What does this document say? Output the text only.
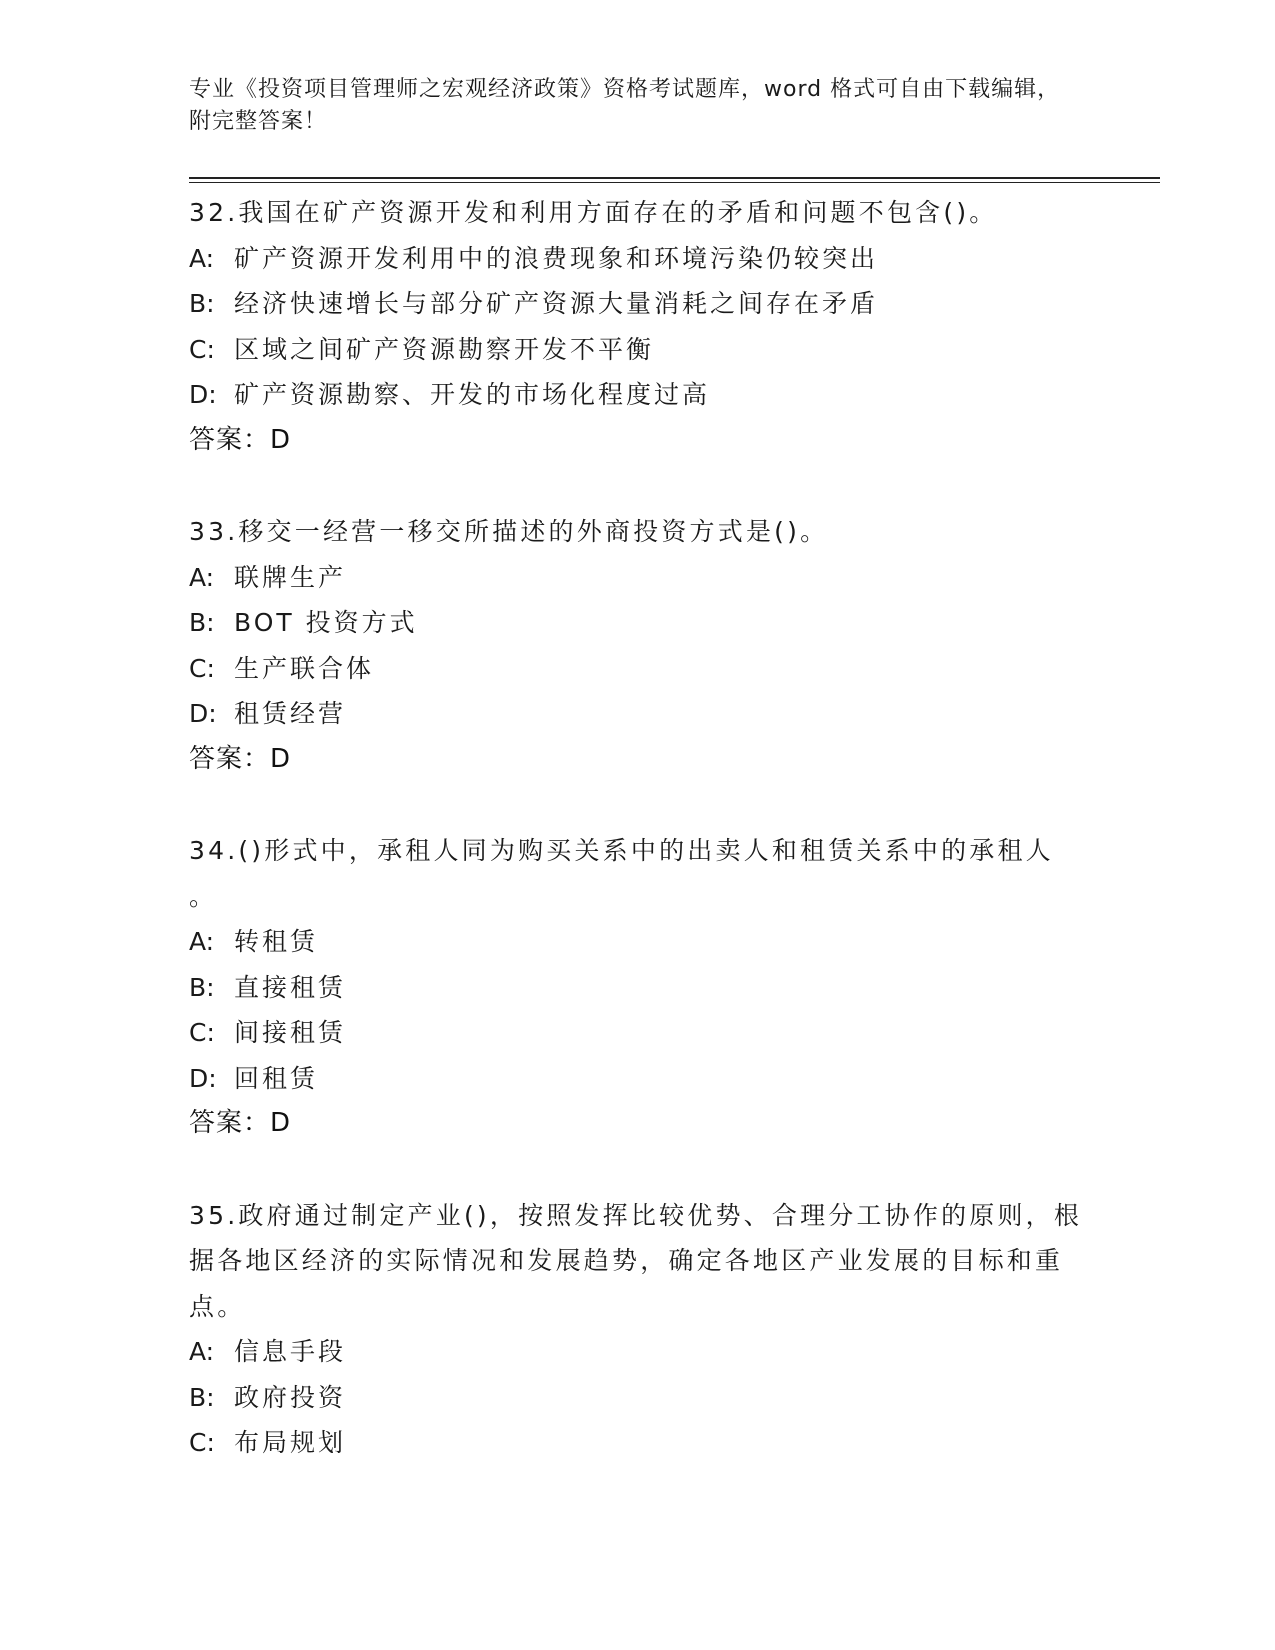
专业《投资项目管理师之宏观经济政策》资格考试题库，word 格式可自由下载编辑，附完整答案！
32.我国在矿产资源开发和利用方面存在的矛盾和问题不包含()。
A: 矿产资源开发利用中的浪费现象和环境污染仍较突出
B: 经济快速增长与部分矿产资源大量消耗之间存在矛盾
C: 区域之间矿产资源勘察开发不平衡
D: 矿产资源勘察、开发的市场化程度过高
答案：D
33.移交一经营一移交所描述的外商投资方式是()。
A: 联牌生产
B: BOT 投资方式
C: 生产联合体
D: 租赁经营
答案：D
34.()形式中，承租人同为购买关系中的出卖人和租赁关系中的承租人 。
A: 转租赁
B: 直接租赁
C: 间接租赁
D: 回租赁
答案：D
35.政府通过制定产业()，按照发挥比较优势、合理分工协作的原则，根据各地区经济的实际情况和发展趋势，确定各地区产业发展的目标和重点。
A: 信息手段
B: 政府投资
C: 布局规划
